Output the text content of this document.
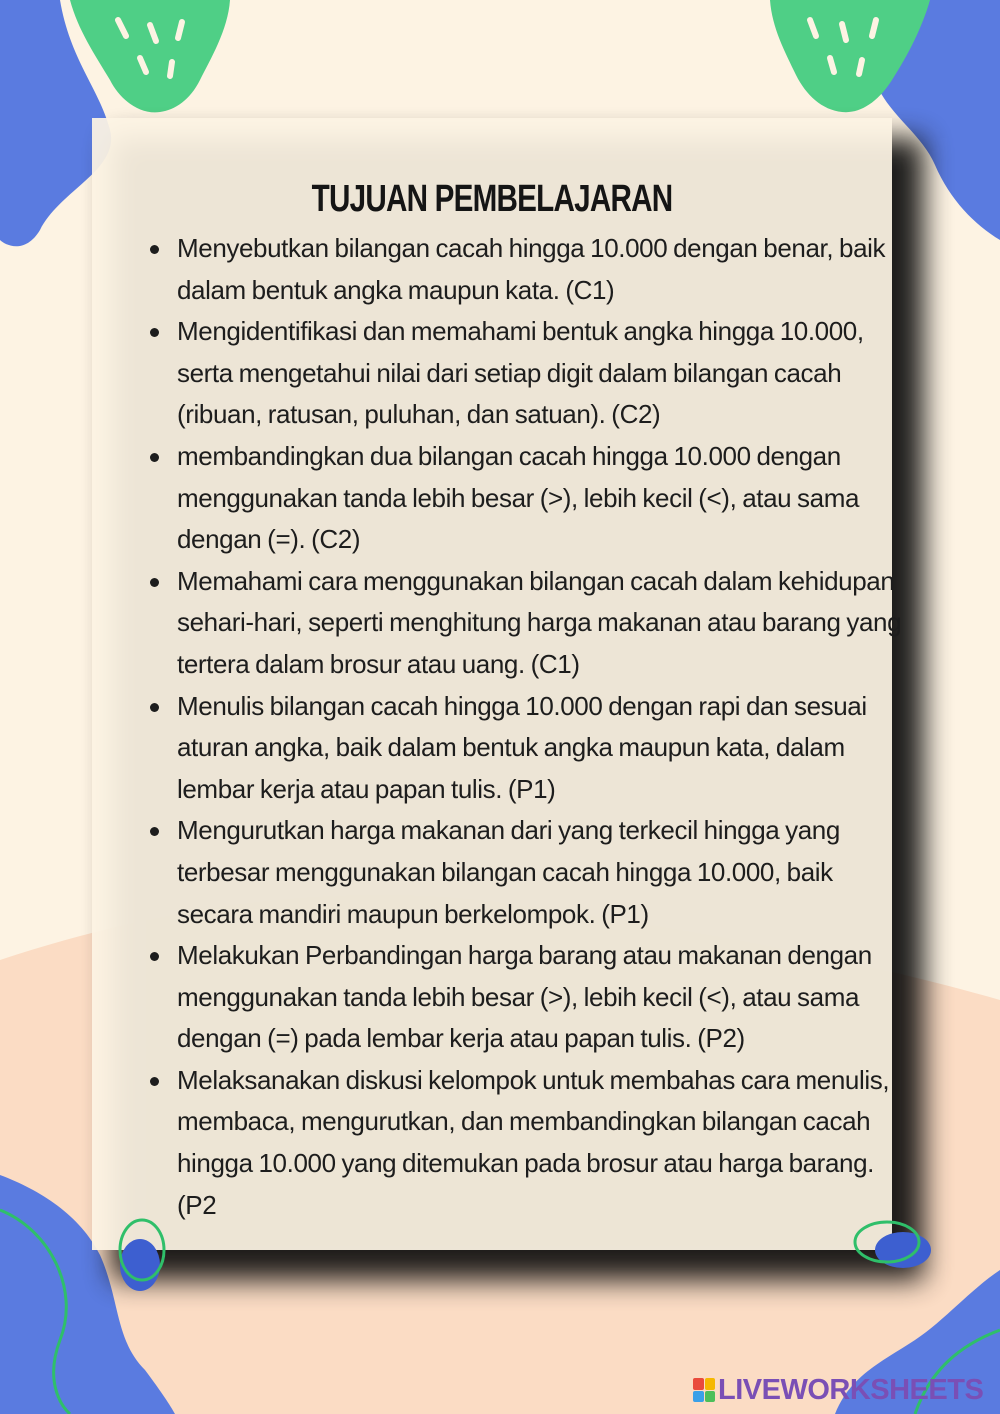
TUJUAN PEMBELAJARAN
Menyebutkan bilangan cacah hingga 10.000 dengan benar, baik dalam bentuk angka maupun kata. (C1)
Mengidentifikasi dan memahami bentuk angka hingga 10.000, serta mengetahui nilai dari setiap digit dalam bilangan cacah (ribuan, ratusan, puluhan, dan satuan). (C2)
membandingkan dua bilangan cacah hingga 10.000 dengan menggunakan tanda lebih besar (>), lebih kecil (<), atau sama dengan (=). (C2)
Memahami cara menggunakan bilangan cacah dalam kehidupan sehari-hari, seperti menghitung harga makanan atau barang yang tertera dalam brosur atau uang. (C1)
Menulis bilangan cacah hingga 10.000 dengan rapi dan sesuai aturan angka, baik dalam bentuk angka maupun kata, dalam lembar kerja atau papan tulis. (P1)
Mengurutkan harga makanan dari yang terkecil hingga yang terbesar menggunakan bilangan cacah hingga 10.000, baik secara mandiri maupun berkelompok. (P1)
Melakukan Perbandingan harga barang atau makanan dengan menggunakan tanda lebih besar (>), lebih kecil (<), atau sama dengan (=) pada lembar kerja atau papan tulis. (P2)
Melaksanakan diskusi kelompok untuk membahas cara menulis, membaca, mengurutkan, dan membandingkan bilangan cacah hingga 10.000 yang ditemukan pada brosur atau harga barang. (P2
LIVEWORKSHEETS
